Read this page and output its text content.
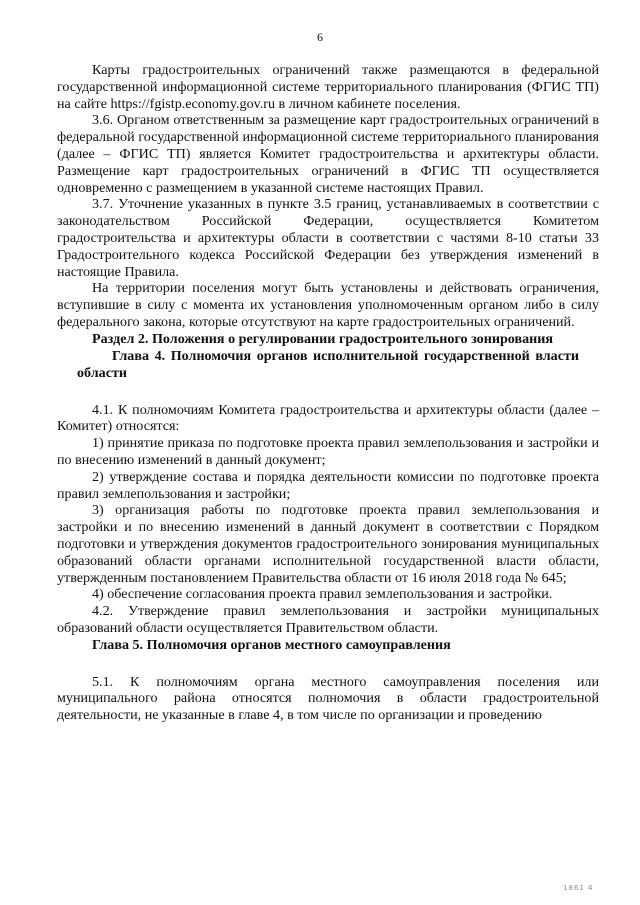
6

Карты градостроительных ограничений также размещаются в федеральной государственной информационной системе территориального планирования (ФГИС ТП) на сайте https://fgistp.economy.gov.ru в личном кабинете поселения.

3.6. Органом ответственным за размещение карт градостроительных ограничений в федеральной государственной информационной системе территориального планирования (далее – ФГИС ТП) является Комитет градостроительства и архитектуры области. Размещение карт градостроительных ограничений в ФГИС ТП осуществляется одновременно с размещением в указанной системе настоящих Правил.

3.7. Уточнение указанных в пункте 3.5 границ, устанавливаемых в соответствии с законодательством Российской Федерации, осуществляется Комитетом градостроительства и архитектуры области в соответствии с частями 8-10 статьи 33 Градостроительного кодекса Российской Федерации без утверждения изменений в настоящие Правила.

На территории поселения могут быть установлены и действовать ограничения, вступившие в силу с момента их установления уполномоченным органом либо в силу федерального закона, которые отсутствуют на карте градостроительных ограничений.

Раздел 2. Положения о регулировании градостроительного зонирования

Глава 4. Полномочия органов исполнительной государственной власти области

4.1. К полномочиям Комитета градостроительства и архитектуры области (далее – Комитет) относятся:

1) принятие приказа по подготовке проекта правил землепользования и застройки и по внесению изменений в данный документ;

2) утверждение состава и порядка деятельности комиссии по подготовке проекта правил землепользования и застройки;

3) организация работы по подготовке проекта правил землепользования и застройки и по внесению изменений в данный документ в соответствии с Порядком подготовки и утверждения документов градостроительного зонирования муниципальных образований области органами исполнительной государственной власти области, утвержденным постановлением Правительства области от 16 июля 2018 года № 645;

4) обеспечение согласования проекта правил землепользования и застройки.

4.2. Утверждение правил землепользования и застройки муниципальных образований области осуществляется Правительством области.

Глава 5. Полномочия органов местного самоуправления

5.1. К полномочиям органа местного самоуправления поселения или муниципального района относятся полномочия в области градостроительной деятельности, не указанные в главе 4, в том числе по организации и проведению

1861 4
